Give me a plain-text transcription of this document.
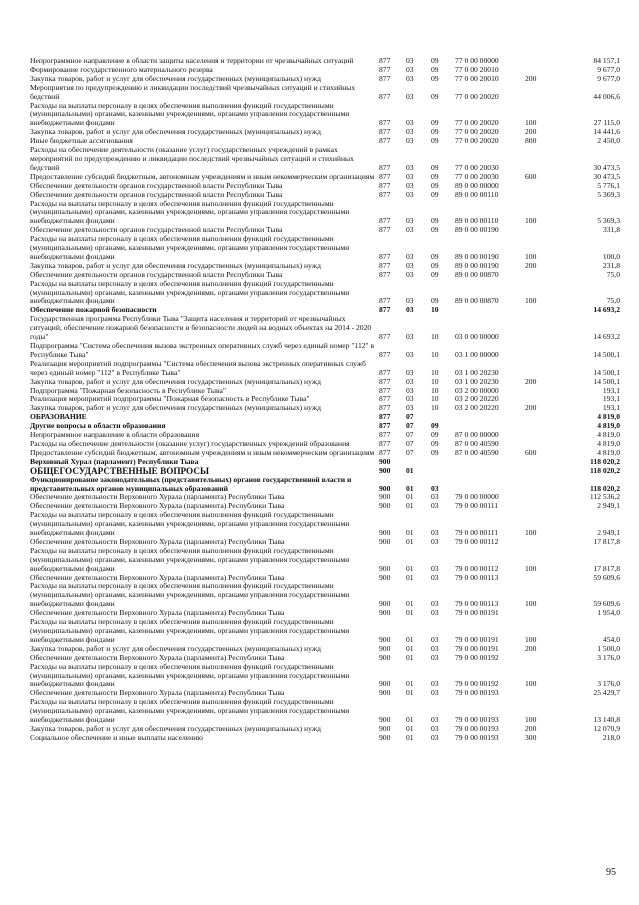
Непрограммное направление в области защиты населения и территории от чрезвычайных ситуаций	877	03	09	77 0 00 00000		84 157,1
Формирование государственного материального резерва	877	03	09	77 0 00 20010		9 677,0
Закупка товаров, работ и услуг для обеспечения государственных (муниципальных) нужд	877	03	09	77 0 00 20010	200	9 677,0
Мероприятия по предупреждению и ликвидации последствий чрезвычайных ситуаций и стихийных бедствий	877	03	09	77 0 00 20020		44 006,6
Расходы на выплаты персоналу в целях обеспечения выполнения функций государственными (муниципальными) органами, казенными учреждениями, органами управления государственными внебюджетными фондами	877	03	09	77 0 00 20020	100	27 115,0
Закупка товаров, работ и услуг для обеспечения государственных (муниципальных) нужд	877	03	09	77 0 00 20020	200	14 441,6
Иные бюджетные ассигнования	877	03	09	77 0 00 20020	800	2 450,0
Расходы на обеспечение деятельности (оказание услуг) государственных учреждений в рамках мероприятий по предупреждению и ликвидации последствий чрезвычайных ситуаций и стихийных бедствий	877	03	09	77 0 00 20030		30 473,5
Предоставление субсидий бюджетным, автономным учреждениям и иным некоммерческим организациям	877	03	09	77 0 00 20030	600	30 473,5
Обеспечение деятельности органов государственной власти Республики Тыва	877	03	09	89 0 00 00000		5 776,1
Обеспечение деятельности органов государственной власти Республики Тыва	877	03	09	89 0 00 00110		5 369,3
Расходы на выплаты персоналу в целях обеспечения выполнения функций государственными (муниципальными) органами, казенными учреждениями, органами управления государственными внебюджетными фондами	877	03	09	89 0 00 00110	100	5 369,3
Обеспечение деятельности органов государственной власти Республики Тыва	877	03	09	89 0 00 00190		331,8
Расходы на выплаты персоналу в целях обеспечения выполнения функций государственными (муниципальными) органами, казенными учреждениями, органами управления государственными внебюджетными фондами	877	03	09	89 0 00 00190	100	100,0
Закупка товаров, работ и услуг для обеспечения государственных (муниципальных) нужд	877	03	09	89 0 00 00190	200	231,8
Обеспечение деятельности органов государственной власти Республики Тыва	877	03	09	89 0 00 00870		75,0
Расходы на выплаты персоналу в целях обеспечения выполнения функций государственными (муниципальными) органами, казенными учреждениями, органами управления государственными внебюджетными фондами	877	03	09	89 0 00 00870	100	75,0
Обеспечение пожарной безопасности	877	03	10			14 693,2
Государственная программа Республики Тыва "Защита населения и территорий от чрезвычайных ситуаций, обеспечение пожарной безопасности и безопасности людей на водных объектах на 2014 - 2020 годы"	877	03	10	03 0 00 00000		14 693,2
Подпрограмма "Система обеспечения вызова экстренных оперативных служб через единый номер "112" в Республике Тыва"	877	03	10	03 1 00 00000		14 500,1
Реализация мероприятий подпрограммы "Система обеспечения вызова экстренных оперативных служб через единый номер "112" в Республике Тыва"	877	03	10	03 1 00 20230		14 500,1
Закупка товаров, работ и услуг для обеспечения государственных (муниципальных) нужд	877	03	10	03 1 00 20230	200	14 500,1
Подпрограмма "Пожарная безопасность в Республике Тыва"	877	03	10	03 2 00 00000		193,1
Реализация мероприятий подпрограммы "Пожарная безопасность в Республике Тыва"	877	03	10	03 2 00 20220		193,1
Закупка товаров, работ и услуг для обеспечения государственных (муниципальных) нужд	877	03	10	03 2 00 20220	200	193,1
ОБРАЗОВАНИЕ	877	07				4 819,0
Другие вопросы в области образования	877	07	09			4 819,0
Непрограммное направление в области образования	877	07	09	87 0 00 00000		4 819,0
Расходы на обеспечение деятельности (оказание услуг) государственных учреждений образования	877	07	09	87 0 00 40590		4 819,0
Предоставление субсидий бюджетным, автономным учреждениям и иным некоммерческим организациям	877	07	09	87 0 00 40590	600	4 819,0
Верховный Хурал (парламент) Республики Тыва	900					118 020,2
ОБЩЕГОСУДАРСТВЕННЫЕ ВОПРОСЫ	900	01				118 020,2
Функционирование законодательных (представительных) органов государственной власти и представительных органов муниципальных образований	900	01	03			118 020,2
Обеспечение деятельности Верховного Хурала (парламента) Республики Тыва	900	01	03	79 0 00 00000		112 536,2
Обеспечение деятельности Верховного Хурала (парламента) Республики Тыва	900	01	03	79 0 00 00111		2 949,1
Расходы на выплаты персоналу в целях обеспечения выполнения функций государственными (муниципальными) органами, казенными учреждениями, органами управления государственными внебюджетными фондами	900	01	03	79 0 00 00111	100	2 949,1
Обеспечение деятельности Верховного Хурала (парламента) Республики Тыва	900	01	03	79 0 00 00112		17 817,8
Расходы на выплаты персоналу в целях обеспечения выполнения функций государственными (муниципальными) органами, казенными учреждениями, органами управления государственными внебюджетными фондами	900	01	03	79 0 00 00112	100	17 817,8
Обеспечение деятельности Верховного Хурала (парламента) Республики Тыва	900	01	03	79 0 00 00113		59 609,6
Расходы на выплаты персоналу в целях обеспечения выполнения функций государственными (муниципальными) органами, казенными учреждениями, органами управления государственными внебюджетными фондами	900	01	03	79 0 00 00113	100	59 609,6
Обеспечение деятельности Верховного Хурала (парламента) Республики Тыва	900	01	03	79 0 00 00191		1 954,0
Расходы на выплаты персоналу в целях обеспечения выполнения функций государственными (муниципальными) органами, казенными учреждениями, органами управления государственными внебюджетными фондами	900	01	03	79 0 00 00191	100	454,0
Закупка товаров, работ и услуг для обеспечения государственных (муниципальных) нужд	900	01	03	79 0 00 00191	200	1 500,0
Обеспечение деятельности Верховного Хурала (парламента) Республики Тыва	900	01	03	79 0 00 00192		3 176,0
Расходы на выплаты персоналу в целях обеспечения выполнения функций государственными (муниципальными) органами, казенными учреждениями, органами управления государственными внебюджетными фондами	900	01	03	79 0 00 00192	100	3 176,0
Обеспечение деятельности Верховного Хурала (парламента) Республики Тыва	900	01	03	79 0 00 00193		25 429,7
Расходы на выплаты персоналу в целях обеспечения выполнения функций государственными (муниципальными) органами, казенными учреждениями, органами управления государственными внебюджетными фондами	900	01	03	79 0 00 00193	100	13 140,8
Закупка товаров, работ и услуг для обеспечения государственных (муниципальных) нужд	900	01	03	79 0 00 00193	200	12 070,9
Социальное обеспечение и иные выплаты населению	900	01	03	79 0 00 00193	300	218,0
95
